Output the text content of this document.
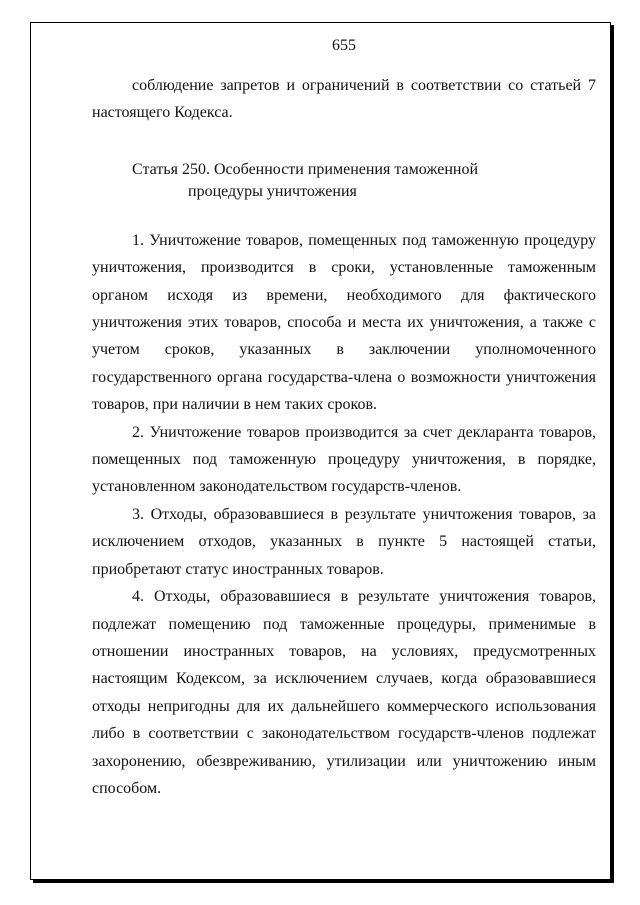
655

соблюдение запретов и ограничений в соответствии со статьей 7 настоящего Кодекса.

Статья 250. Особенности применения таможенной
процедуры уничтожения

1. Уничтожение товаров, помещенных под таможенную процедуру уничтожения, производится в сроки, установленные таможенным органом исходя из времени, необходимого для фактического уничтожения этих товаров, способа и места их уничтожения, а также с учетом сроков, указанных в заключении уполномоченного государственного органа государства-члена о возможности уничтожения товаров, при наличии в нем таких сроков.

2. Уничтожение товаров производится за счет декларанта товаров, помещенных под таможенную процедуру уничтожения, в порядке, установленном законодательством государств-членов.

3. Отходы, образовавшиеся в результате уничтожения товаров, за исключением отходов, указанных в пункте 5 настоящей статьи, приобретают статус иностранных товаров.

4. Отходы, образовавшиеся в результате уничтожения товаров, подлежат помещению под таможенные процедуры, применимые в отношении иностранных товаров, на условиях, предусмотренных настоящим Кодексом, за исключением случаев, когда образовавшиеся отходы непригодны для их дальнейшего коммерческого использования либо в соответствии с законодательством государств-членов подлежат захоронению, обезвреживанию, утилизации или уничтожению иным способом.
